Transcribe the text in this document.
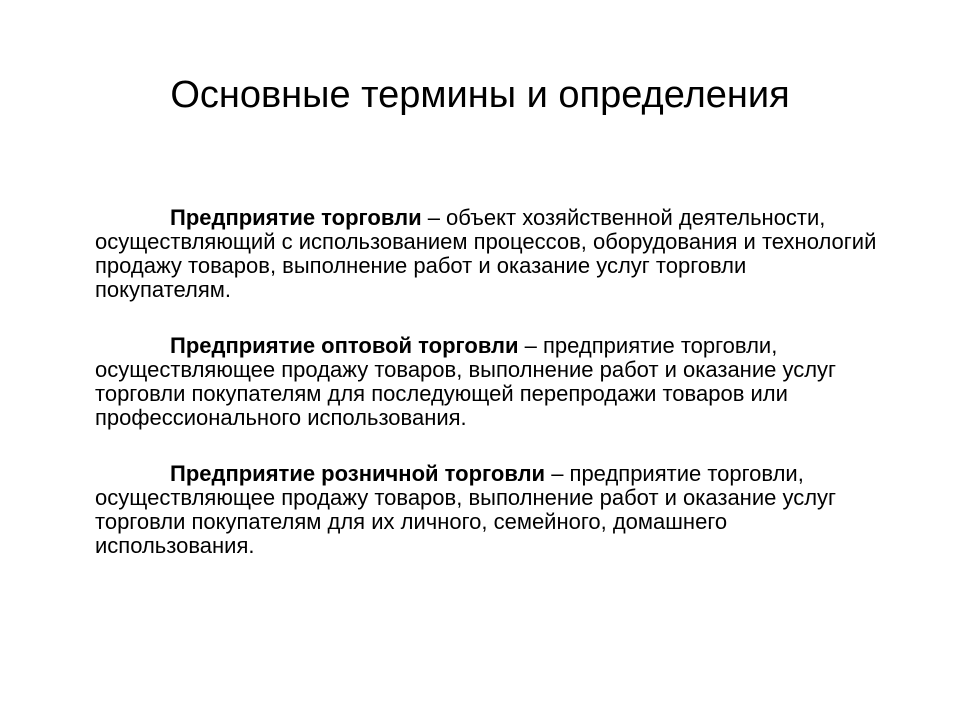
Основные термины и определения

Предприятие торговли – объект хозяйственной деятельности, осуществляющий с использованием процессов, оборудования и технологий продажу товаров, выполнение работ и оказание услуг торговли покупателям.

Предприятие оптовой торговли – предприятие торговли, осуществляющее продажу товаров, выполнение работ и оказание услуг торговли покупателям для последующей перепродажи товаров или профессионального использования.

Предприятие розничной торговли – предприятие торговли, осуществляющее продажу товаров, выполнение работ и оказание услуг торговли покупателям для их личного, семейного, домашнего использования.
